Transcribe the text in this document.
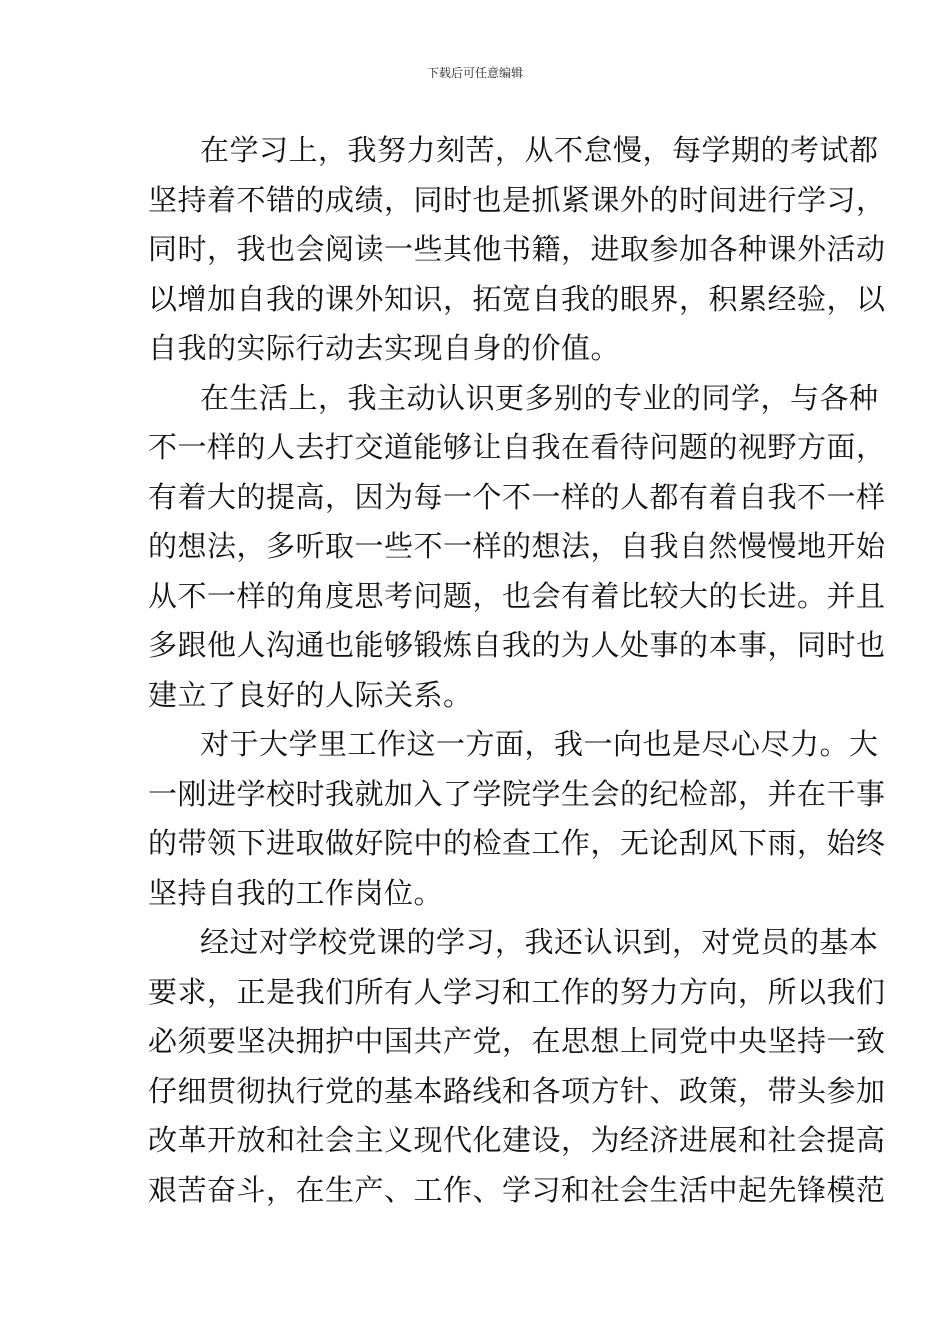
下载后可任意编辑

在学习上，我努力刻苦，从不怠慢，每学期的考试都
坚持着不错的成绩，同时也是抓紧课外的时间进行学习，
同时，我也会阅读一些其他书籍，进取参加各种课外活动
以增加自我的课外知识，拓宽自我的眼界，积累经验，以
自我的实际行动去实现自身的价值。

在生活上，我主动认识更多别的专业的同学，与各种
不一样的人去打交道能够让自我在看待问题的视野方面，
有着大的提高，因为每一个不一样的人都有着自我不一样
的想法，多听取一些不一样的想法，自我自然慢慢地开始
从不一样的角度思考问题，也会有着比较大的长进。并且
多跟他人沟通也能够锻炼自我的为人处事的本事，同时也
建立了良好的人际关系。

对于大学里工作这一方面，我一向也是尽心尽力。大
一刚进学校时我就加入了学院学生会的纪检部，并在干事
的带领下进取做好院中的检查工作，无论刮风下雨，始终
坚持自我的工作岗位。

经过对学校党课的学习，我还认识到，对党员的基本
要求，正是我们所有人学习和工作的努力方向，所以我们
必须要坚决拥护中国共产党，在思想上同党中央坚持一致
仔细贯彻执行党的基本路线和各项方针、政策，带头参加
改革开放和社会主义现代化建设，为经济进展和社会提高
艰苦奋斗，在生产、工作、学习和社会生活中起先锋模范
